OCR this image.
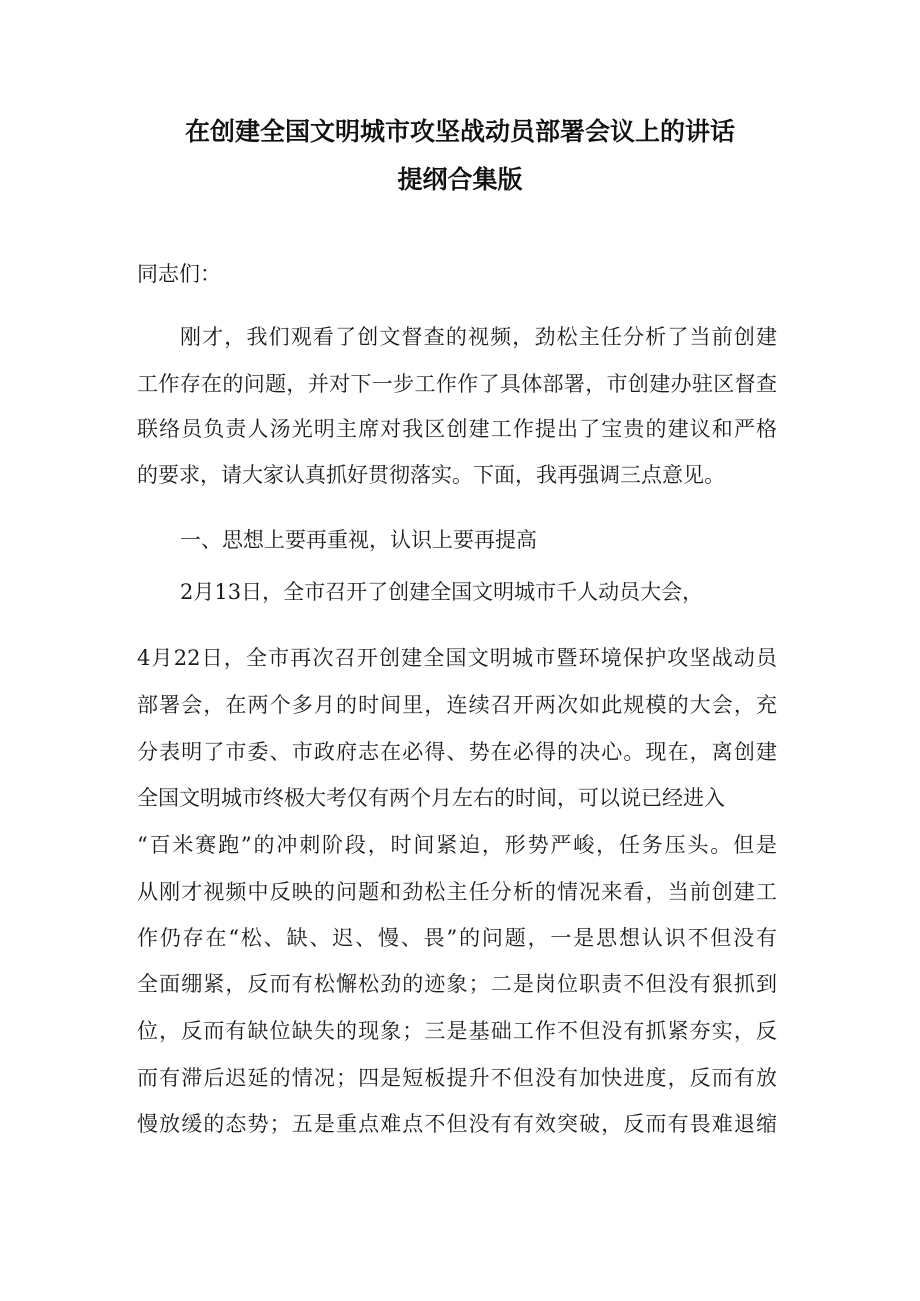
在创建全国文明城市攻坚战动员部署会议上的讲话
提纲合集版
同志们：
刚才，我们观看了创文督查的视频，劲松主任分析了当前创建
工作存在的问题，并对下一步工作作了具体部署，市创建办驻区督查
联络员负责人汤光明主席对我区创建工作提出了宝贵的建议和严格
的要求，请大家认真抓好贯彻落实。下面，我再强调三点意见。
一、思想上要再重视，认识上要再提高
2月13日，全市召开了创建全国文明城市千人动员大会，
4月22日，全市再次召开创建全国文明城市暨环境保护攻坚战动员
部署会，在两个多月的时间里，连续召开两次如此规模的大会，充
分表明了市委、市政府志在必得、势在必得的决心。现在，离创建
全国文明城市终极大考仅有两个月左右的时间，可以说已经进入
“百米赛跑”的冲刺阶段，时间紧迫，形势严峻，任务压头。但是
从刚才视频中反映的问题和劲松主任分析的情况来看，当前创建工
作仍存在“松、缺、迟、慢、畏”的问题，一是思想认识不但没有
全面绷紧，反而有松懈松劲的迹象；二是岗位职责不但没有狠抓到
位，反而有缺位缺失的现象；三是基础工作不但没有抓紧夯实，反
而有滞后迟延的情况；四是短板提升不但没有加快进度，反而有放
慢放缓的态势；五是重点难点不但没有有效突破，反而有畏难退缩
